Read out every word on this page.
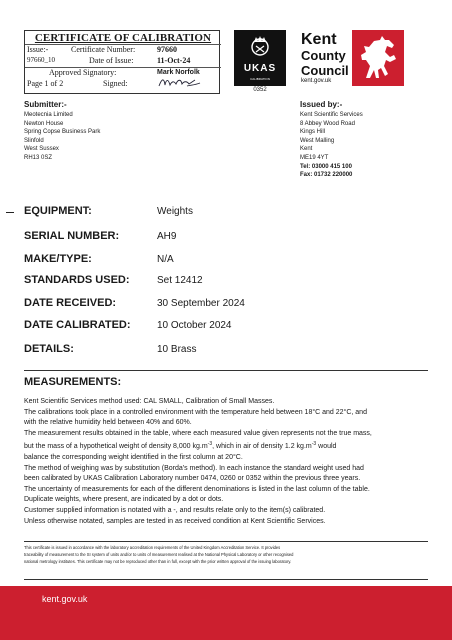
CERTIFICATE OF CALIBRATION
Issue:-	Certificate Number:	97660
97660_10	Date of Issue:	11-Oct-24
Approved Signatory:	Mark Norfolk
Page 1 of 2	Signed:
UKAS
CALIBRATION
0352
Kent
County
Council
kent.gov.uk
Submitter:-
Meotecnia Limited
Newton House
Spring Copse Business Park
Slinfold
West Sussex
RH13 0SZ
Issued by:-
Kent Scientific Services
8 Abbey Wood Road
Kings Hill
West Malling
Kent
ME19 4YT
Tel: 03000 415 100
Fax: 01732 220000
EQUIPMENT:	Weights
SERIAL NUMBER:	AH9
MAKE/TYPE:	N/A
STANDARDS USED:	Set 12412
DATE RECEIVED:	30 September 2024
DATE CALIBRATED:	10 October 2024
DETAILS:	10 Brass
MEASUREMENTS:
Kent Scientific Services method used: CAL SMALL, Calibration of Small Masses.
The calibrations took place in a controlled environment with the temperature held between 18°C and 22°C, and
with the relative humidity held between 40% and 60%.
The measurement results obtained in the table, where each measured value given represents not the true mass,
but the mass of a hypothetical weight of density 8,000 $kg.m^{-3}$, which in air of density 1.2 $kg.m^{-3}$ would
balance the corresponding weight identified in the first column at 20°C.
The method of weighing was by substitution (Borda's method). In each instance the standard weight used had
been calibrated by UKAS Calibration Laboratory number 0474, 0260 or 0352 within the previous three years.
The uncertainty of measurements for each of the different denominations is listed in the last column of the table.
Duplicate weights, where present, are indicated by a dot or dots.
Customer supplied information is notated with a -, and results relate only to the item(s) calibrated.
Unless otherwise notated, samples are tested in as received condition at Kent Scientific Services.
This certificate is issued in accordance with the laboratory accreditation requirements of the United Kingdom Accreditation Service. It provides
traceability of measurement to the SI system of units and/or to units of measurement realised at the National Physical Laboratory or other recognised
national metrology institutes. This certificate may not be reproduced other than in full, except with the prior written approval of the issuing laboratory.
kent.gov.uk
